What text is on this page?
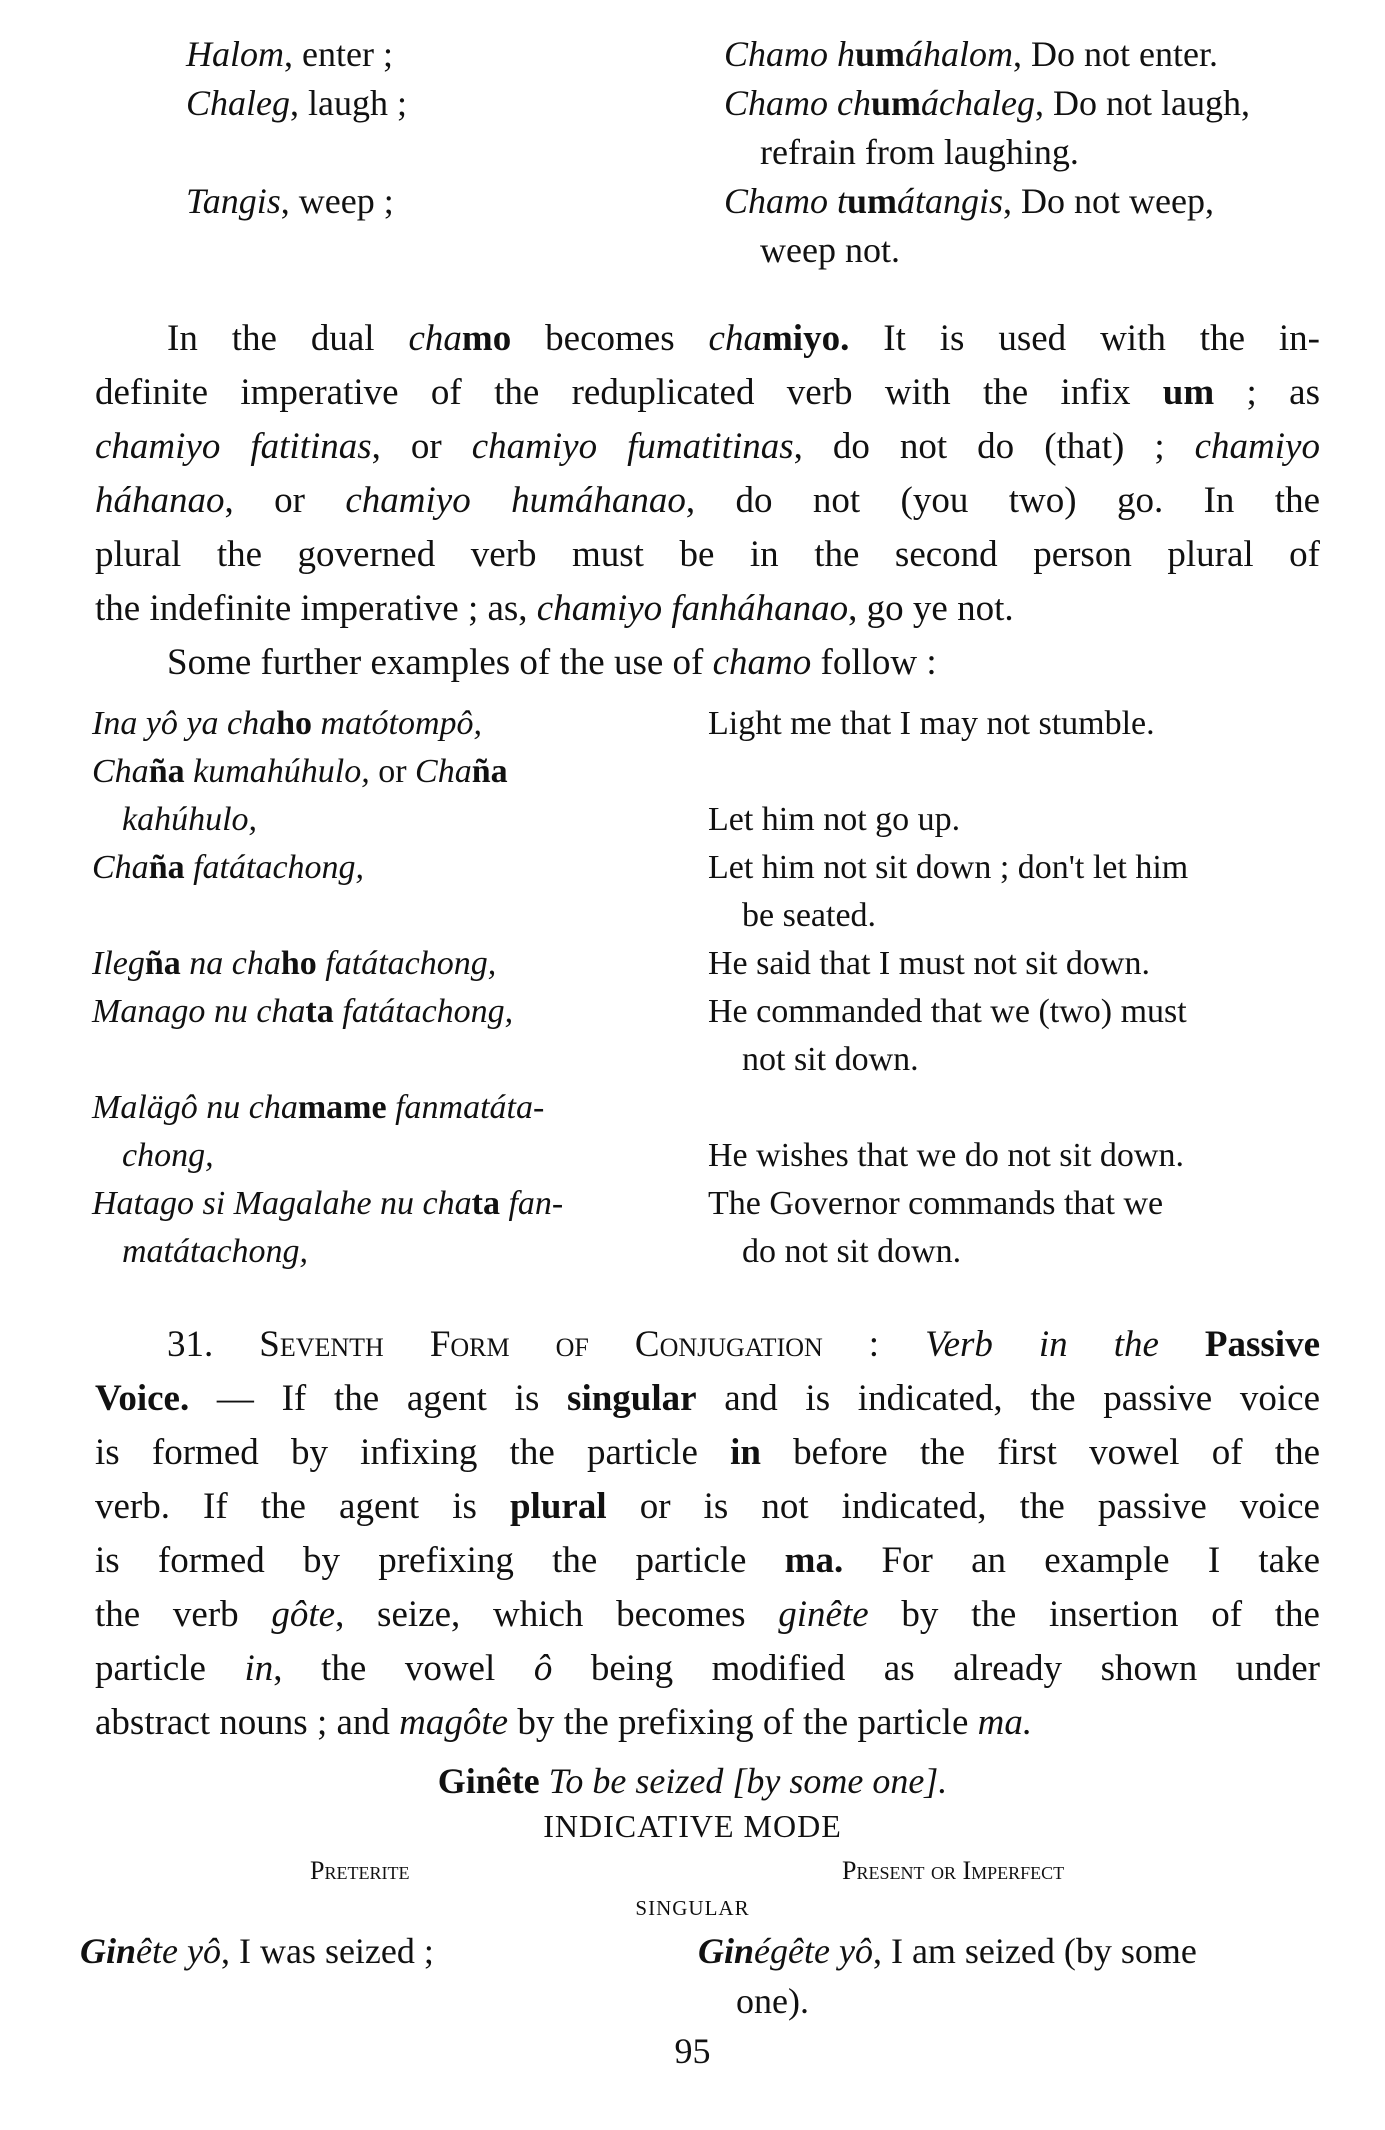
Halom, enter ;	Chamo humáhalom, Do not enter.
Chaleg, laugh ;	Chamo chumáchaleg, Do not laugh,
refrain from laughing.
Tangis, weep ;	Chamo tumátangis, Do not weep,
weep not.
In the dual chamo becomes chamiyo. It is used with the in-
definite imperative of the reduplicated verb with the infix um ; as
chamiyo fatitinas, or chamiyo fumatitinas, do not do (that) ; chamiyo
háhanao, or chamiyo humáhanao, do not (you two) go. In the
plural the governed verb must be in the second person plural of
the indefinite imperative ; as, chamiyo fanháhanao, go ye not.
Some further examples of the use of chamo follow :
Ina yô ya chaho matótompô,	Light me that I may not stumble.
Chaña kumahúhulo, or Chaña
kahúhulo,	Let him not go up.
Chaña fatátachong,	Let him not sit down ; don't let him
be seated.
Ilegña na chaho fatátachong,	He said that I must not sit down.
Manago nu chata fatátachong,	He commanded that we (two) must
not sit down.
Malägô nu chamame fanmatáta-
chong,	He wishes that we do not sit down.
Hatago si Magalahe nu chata fan-	The Governor commands that we
matátachong,	do not sit down.
31. Seventh Form of Conjugation : Verb in the Passive
Voice. — If the agent is singular and is indicated, the passive voice
is formed by infixing the particle in before the first vowel of the
verb. If the agent is plural or is not indicated, the passive voice
is formed by prefixing the particle ma. For an example I take
the verb gôte, seize, which becomes ginête by the insertion of the
particle in, the vowel ô being modified as already shown under
abstract nouns ; and magôte by the prefixing of the particle ma.
Ginête To be seized [by some one].
INDICATIVE MODE
Preterite	Present or Imperfect
SINGULAR
Ginête yô, I was seized ;	Ginégête yô, I am seized (by some
one).
95
